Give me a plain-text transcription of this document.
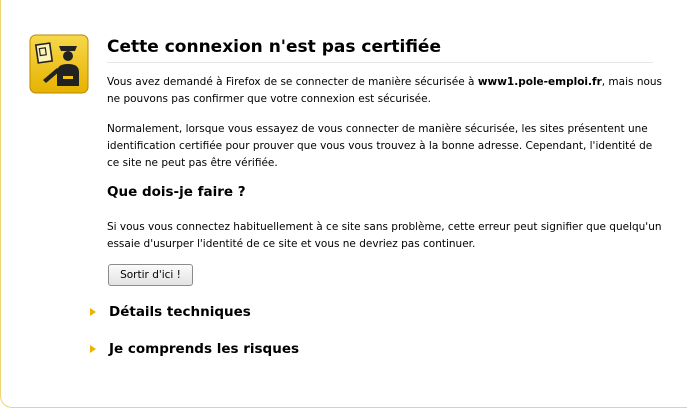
Cette connexion n'est pas certifiée
Vous avez demandé à Firefox de se connecter de manière sécurisée à www1.pole-emploi.fr, mais nous ne pouvons pas confirmer que votre connexion est sécurisée.
Normalement, lorsque vous essayez de vous connecter de manière sécurisée, les sites présentent une identification certifiée pour prouver que vous vous trouvez à la bonne adresse. Cependant, l'identité de ce site ne peut pas être vérifiée.
Que dois-je faire ?
Si vous vous connectez habituellement à ce site sans problème, cette erreur peut signifier que quelqu'un essaie d'usurper l'identité de ce site et vous ne devriez pas continuer.
Sortir d'ici !
Détails techniques
Je comprends les risques
